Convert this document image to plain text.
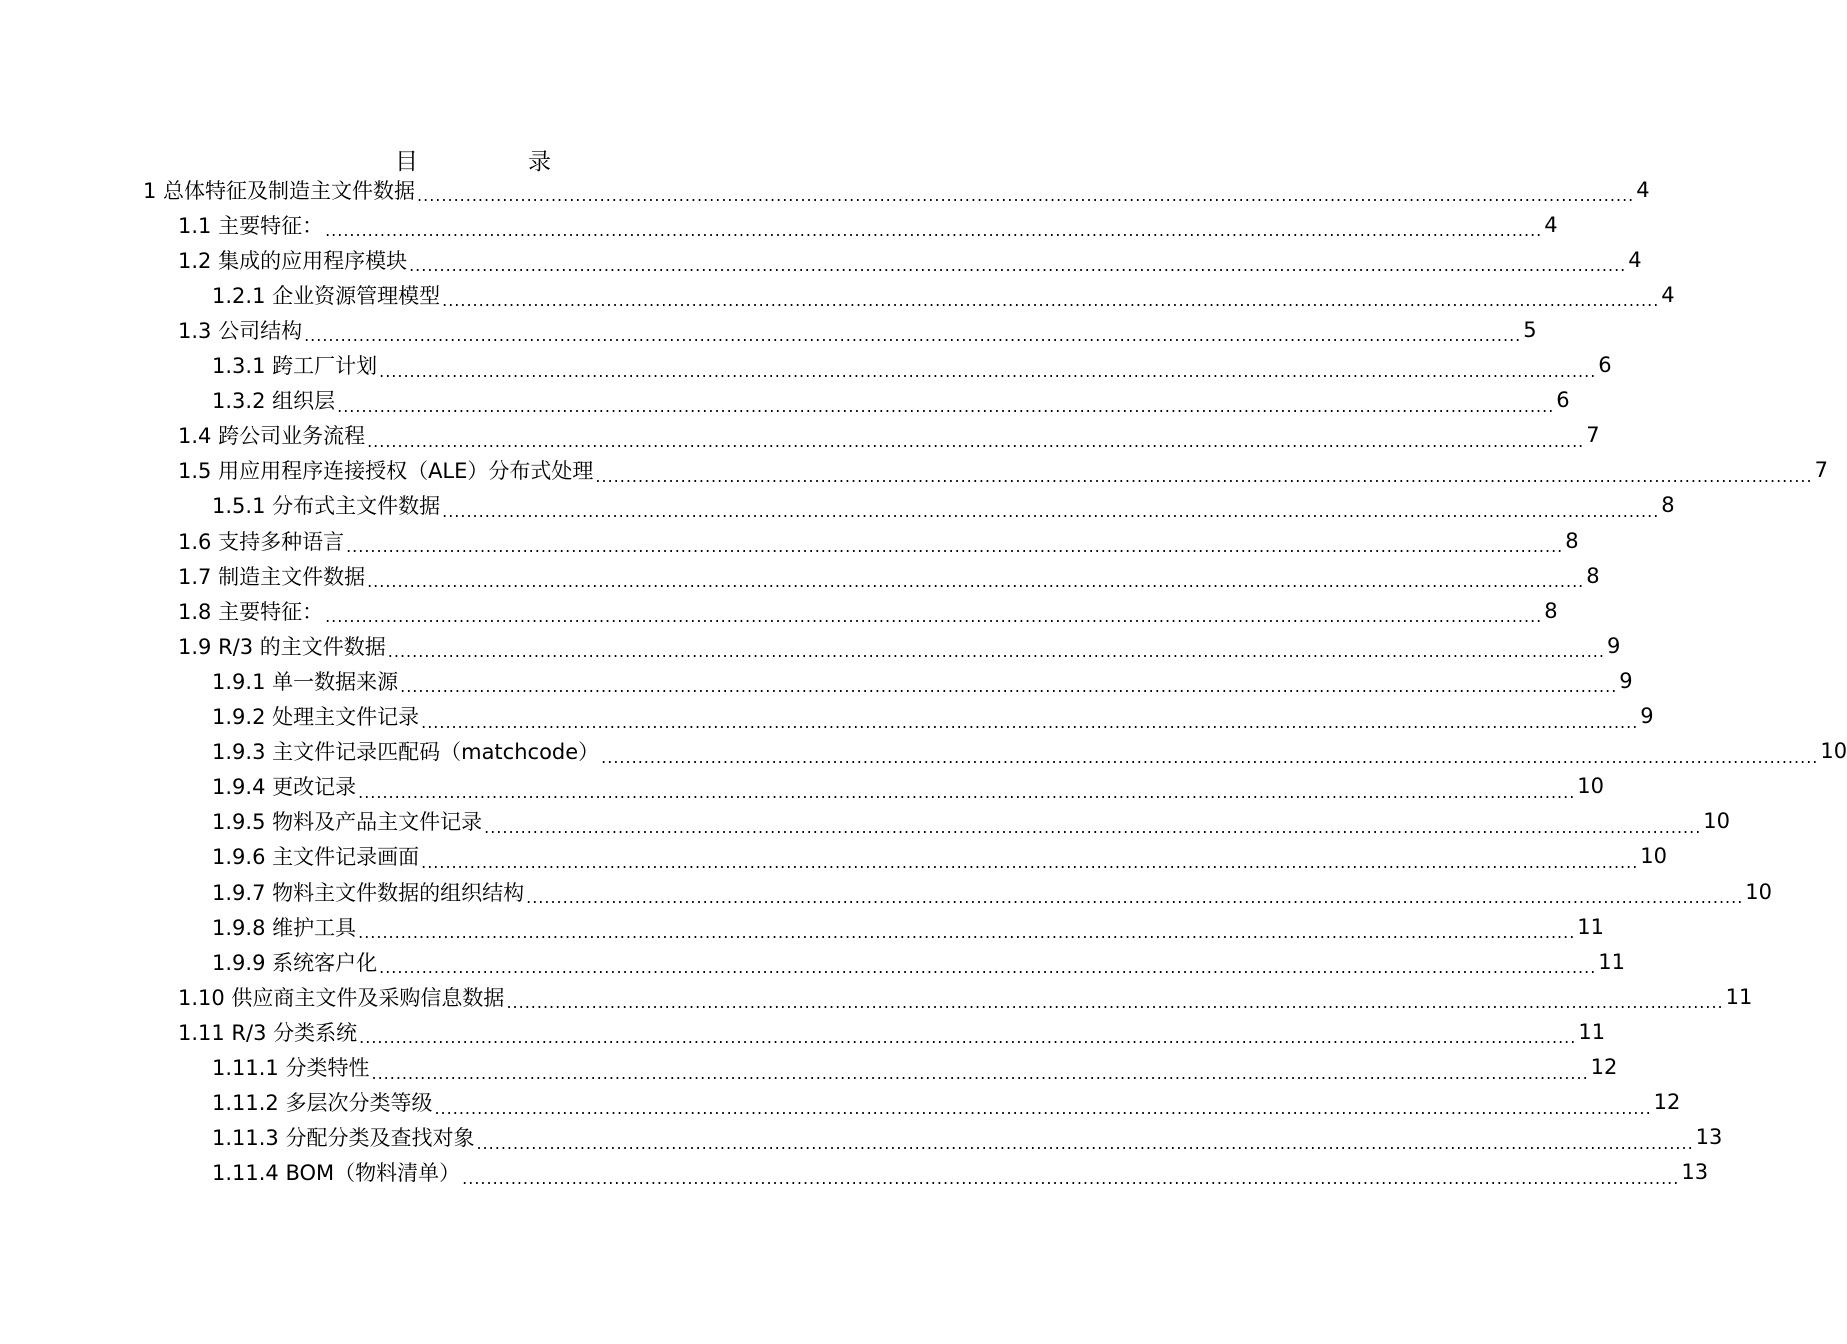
目	录
1 总体特征及制造主文件数据 ........................................................................................................................................................................................................ 4
1.1 主要特征： ........................................................................................................................................................................................................ 4
1.2 集成的应用程序模块 ........................................................................................................................................................................................................ 4
1.2.1 企业资源管理模型 ........................................................................................................................................................................................................ 4
1.3 公司结构 ........................................................................................................................................................................................................ 5
1.3.1 跨工厂计划 ........................................................................................................................................................................................................ 6
1.3.2 组织层 ........................................................................................................................................................................................................ 6
1.4 跨公司业务流程 ........................................................................................................................................................................................................ 7
1.5 用应用程序连接授权（ALE）分布式处理 ........................................................................................................................................................................................................ 7
1.5.1 分布式主文件数据 ........................................................................................................................................................................................................ 8
1.6 支持多种语言 ........................................................................................................................................................................................................ 8
1.7 制造主文件数据 ........................................................................................................................................................................................................ 8
1.8 主要特征： ........................................................................................................................................................................................................ 8
1.9 R/3 的主文件数据 ........................................................................................................................................................................................................ 9
1.9.1 单一数据来源 ........................................................................................................................................................................................................ 9
1.9.2 处理主文件记录 ........................................................................................................................................................................................................ 9
1.9.3 主文件记录匹配码（matchcode） ........................................................................................................................................................................................................ 10
1.9.4 更改记录 ........................................................................................................................................................................................................ 10
1.9.5 物料及产品主文件记录 ........................................................................................................................................................................................................ 10
1.9.6 主文件记录画面 ........................................................................................................................................................................................................ 10
1.9.7 物料主文件数据的组织结构 ........................................................................................................................................................................................................ 10
1.9.8 维护工具 ........................................................................................................................................................................................................ 11
1.9.9 系统客户化 ........................................................................................................................................................................................................ 11
1.10 供应商主文件及采购信息数据 ........................................................................................................................................................................................................ 11
1.11 R/3 分类系统 ........................................................................................................................................................................................................ 11
1.11.1 分类特性 ........................................................................................................................................................................................................ 12
1.11.2 多层次分类等级 ........................................................................................................................................................................................................ 12
1.11.3 分配分类及查找对象 ........................................................................................................................................................................................................ 13
1.11.4 BOM（物料清单） ........................................................................................................................................................................................................ 13
